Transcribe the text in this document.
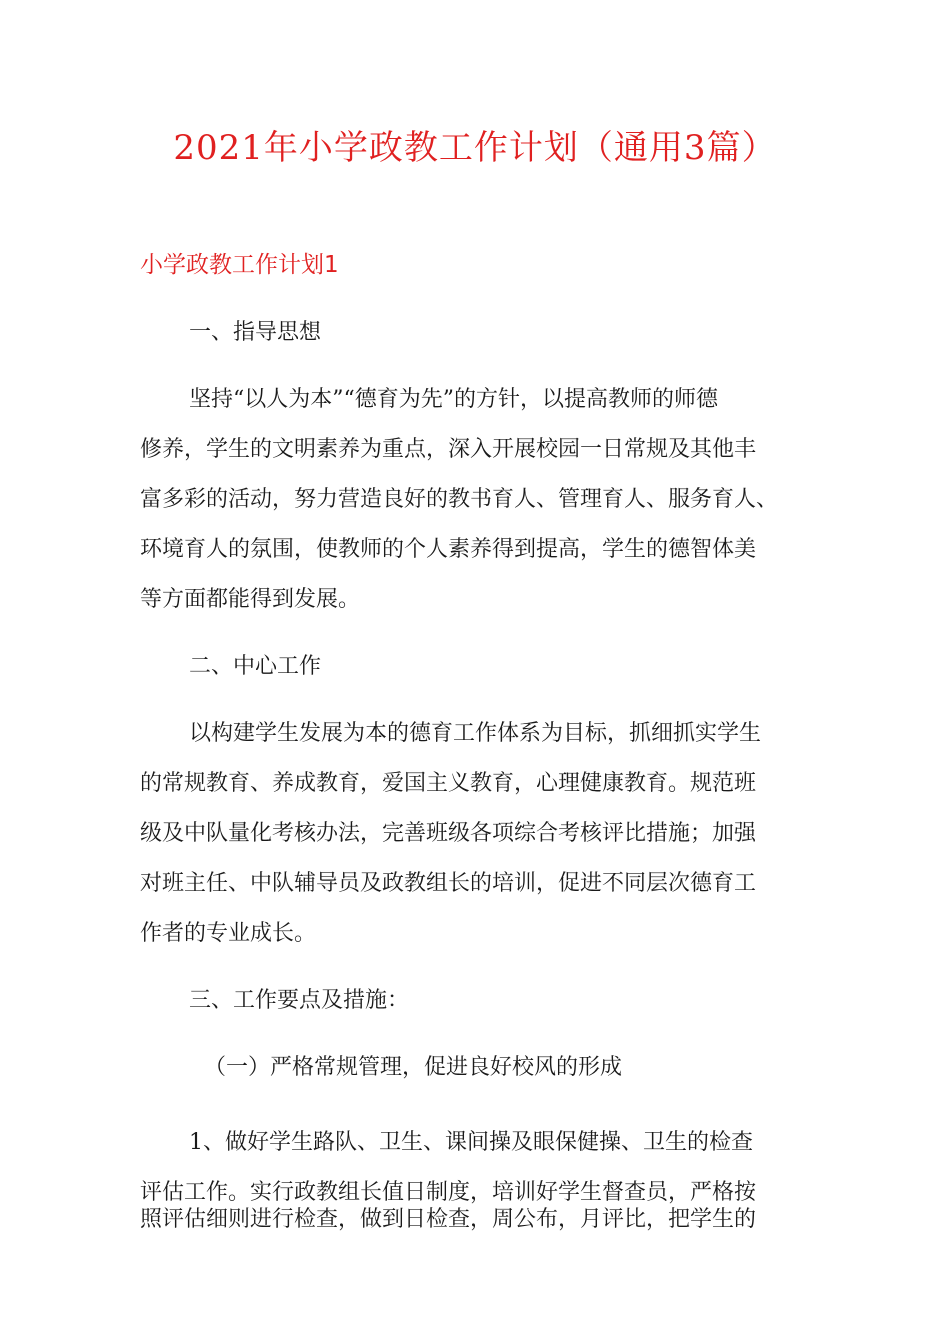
2021年小学政教工作计划（通用3篇）
小学政教工作计划1
一、指导思想
坚持“以人为本”“德育为先”的方针，以提高教师的师德
修养，学生的文明素养为重点，深入开展校园一日常规及其他丰
富多彩的活动，努力营造良好的教书育人、管理育人、服务育人、
环境育人的氛围，使教师的个人素养得到提高，学生的德智体美
等方面都能得到发展。
二、中心工作
以构建学生发展为本的德育工作体系为目标，抓细抓实学生
的常规教育、养成教育，爱国主义教育，心理健康教育。规范班
级及中队量化考核办法，完善班级各项综合考核评比措施；加强
对班主任、中队辅导员及政教组长的培训，促进不同层次德育工
作者的专业成长。
三、工作要点及措施：
（一）严格常规管理，促进良好校风的形成
1、做好学生路队、卫生、课间操及眼保健操、卫生的检查
评估工作。实行政教组长值日制度，培训好学生督查员，严格按
照评估细则进行检查，做到日检查，周公布，月评比，把学生的
